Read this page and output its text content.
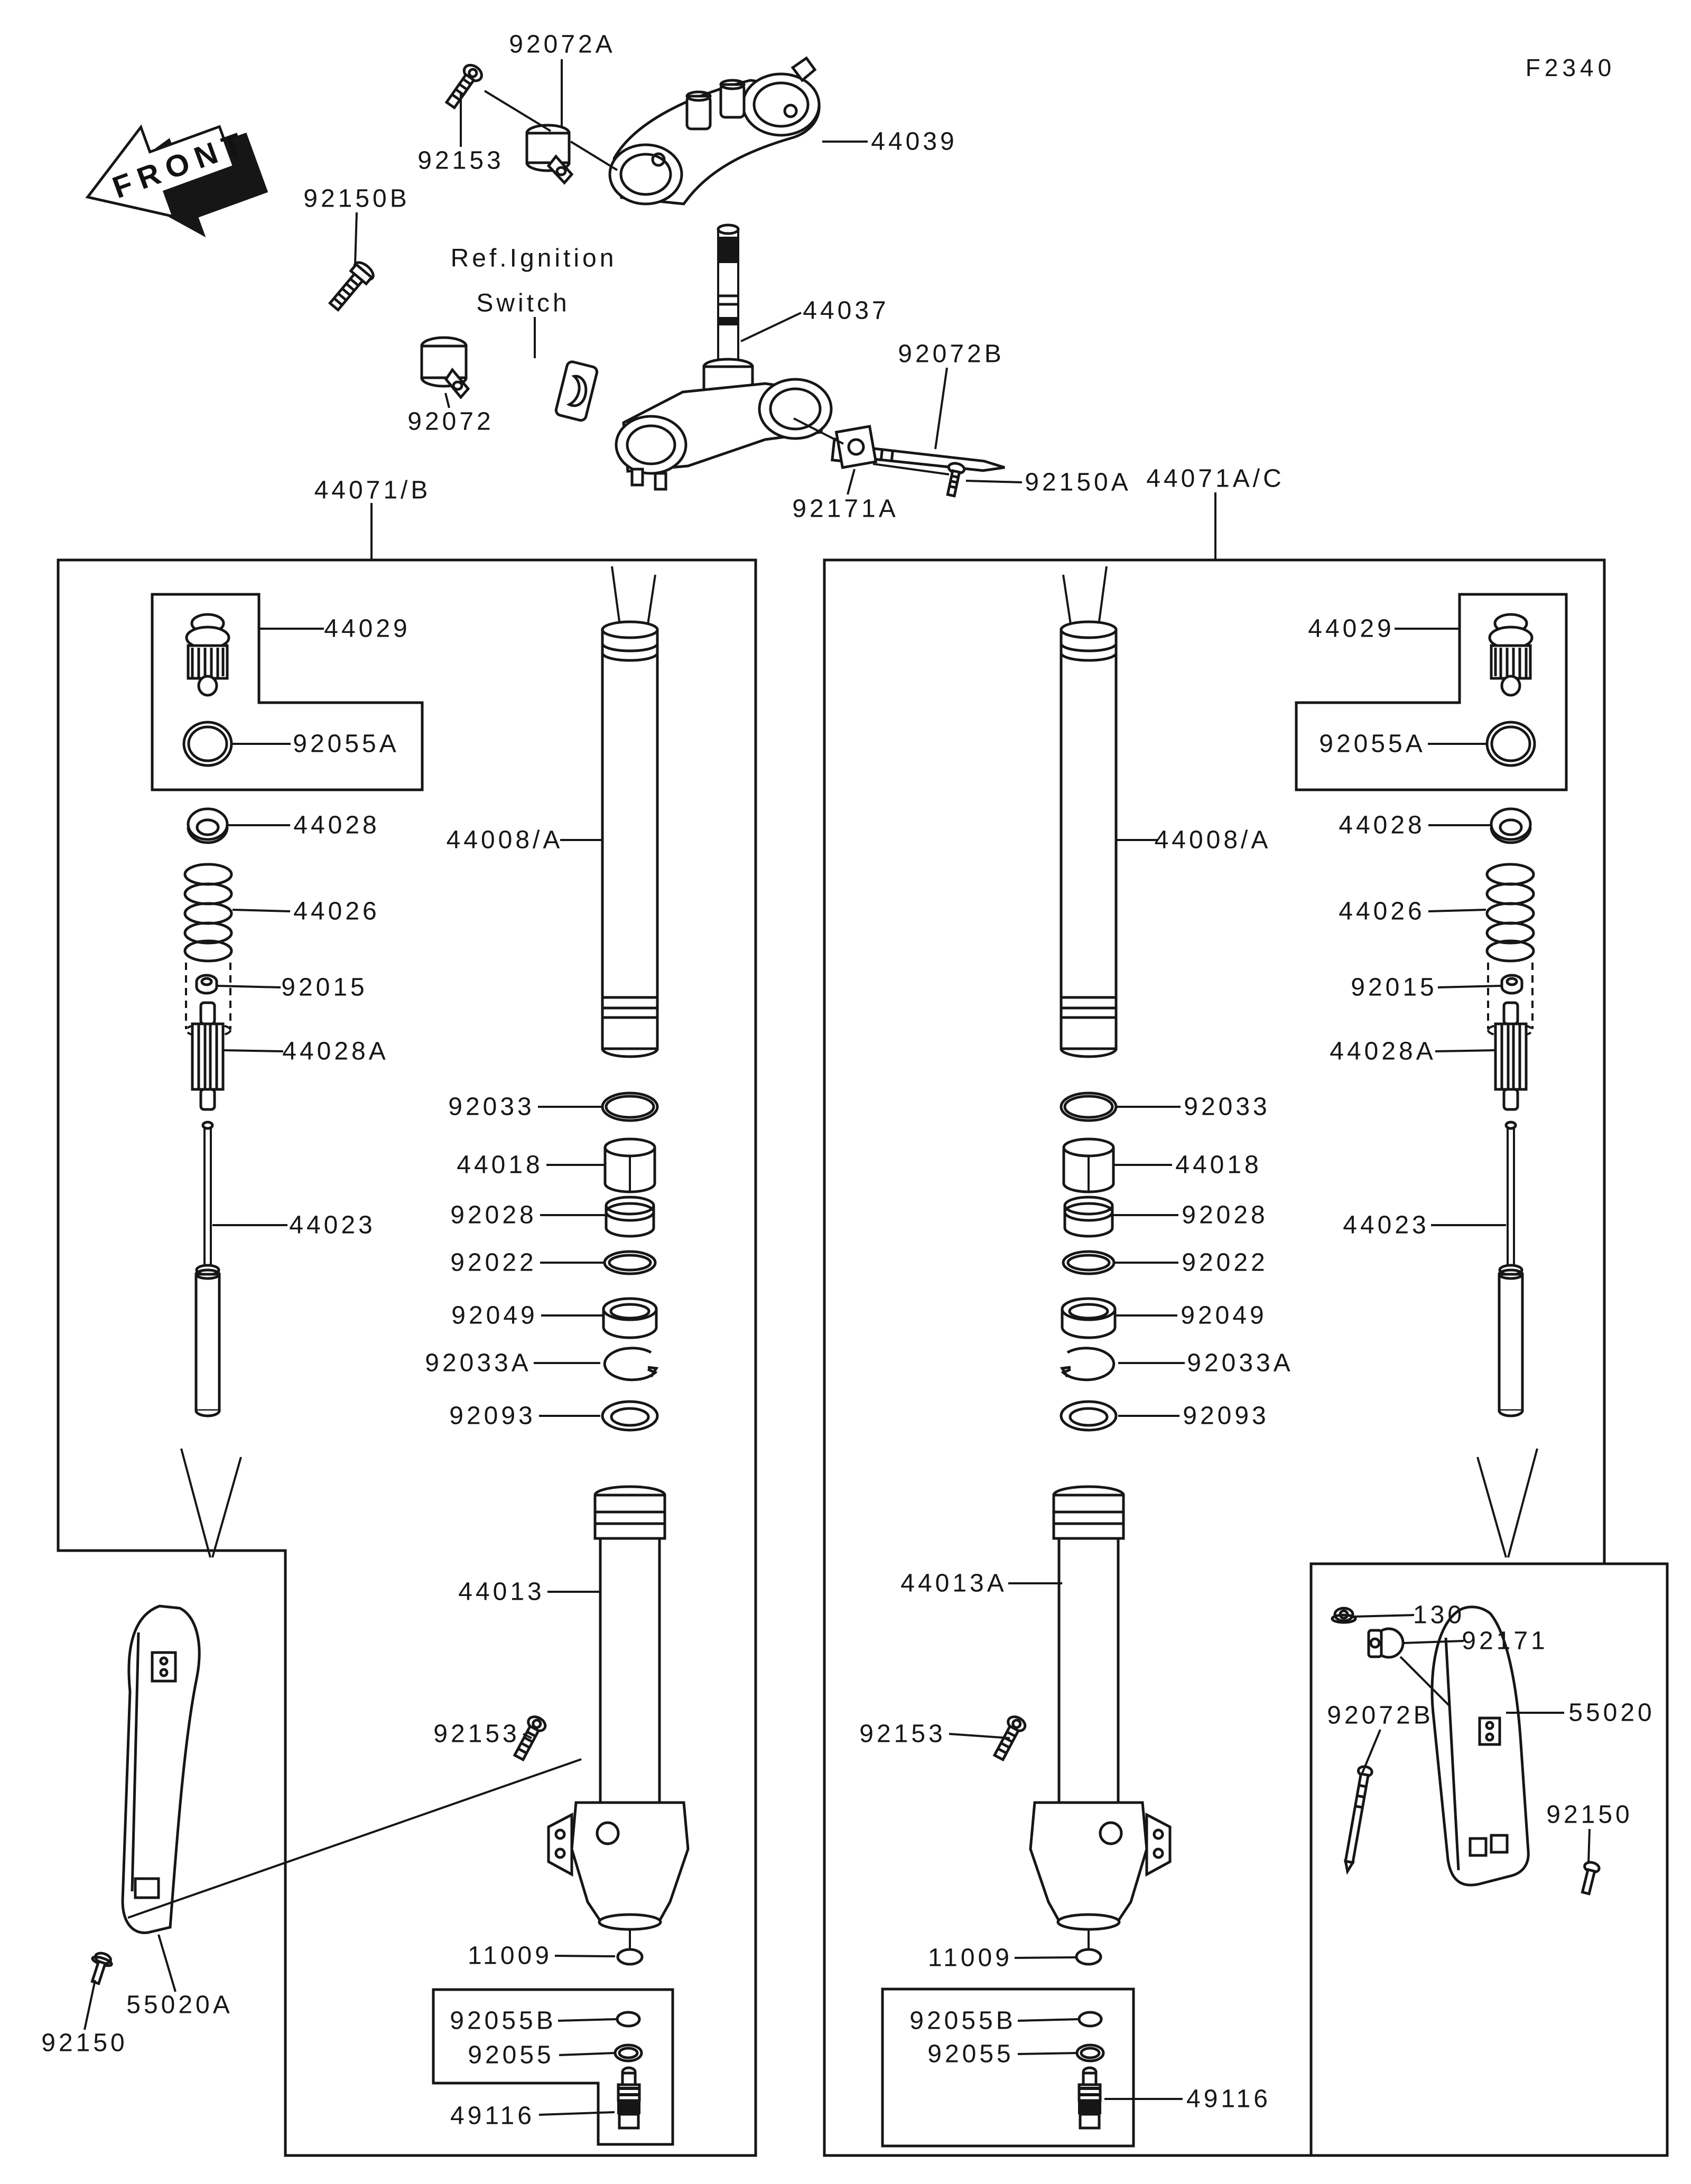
FRONT
F2340
92072A
92153
44039
92150B
Ref.Ignition
Switch	44037
92072B
92072
92171A
92150A
44071/B	44071A/C
44029
92055A
44028
44026
92015
44028A
44023
44008/A
92033
44018
92028
92022
92049
92033A
92093
44013
92153
11009
92055B
92055
49116
55020A
92150
44029
92055A
44028
44026
92015
44028A
44023
44008/A
92033
44018
92028
92022
92049
92033A
92093
44013A
92153
11009
92055B
92055
49116
130
92171
92072B	55020
92150
